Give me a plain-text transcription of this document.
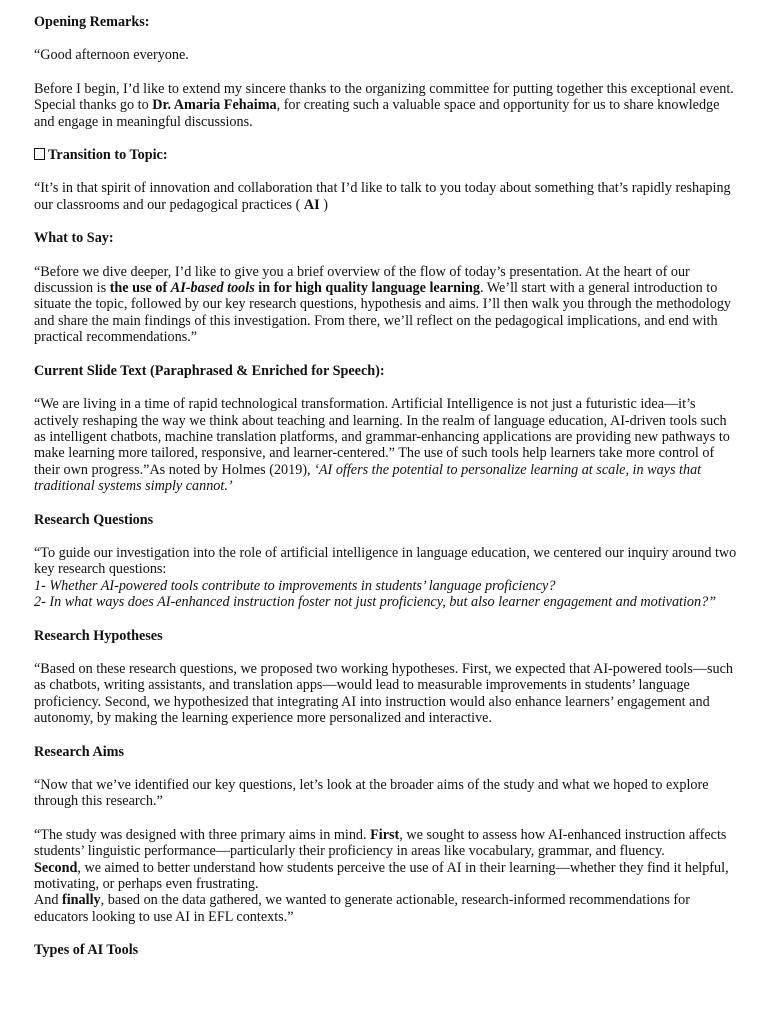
Opening Remarks:

“Good afternoon everyone.

Before I begin, I’d like to extend my sincere thanks to the organizing committee for putting together this exceptional event. Special thanks go to Dr. Amaria Fehaima, for creating such a valuable space and opportunity for us to share knowledge and engage in meaningful discussions.

Transition to Topic:

“It’s in that spirit of innovation and collaboration that I’d like to talk to you today about something that’s rapidly reshaping our classrooms and our pedagogical practices ( AI )

What to Say:

“Before we dive deeper, I’d like to give you a brief overview of the flow of today’s presentation. At the heart of our discussion is the use of AI-based tools in for high quality language learning. We’ll start with a general introduction to situate the topic, followed by our key research questions, hypothesis and aims. I’ll then walk you through the methodology and share the main findings of this investigation. From there, we’ll reflect on the pedagogical implications, and end with practical recommendations.”

Current Slide Text (Paraphrased & Enriched for Speech):

“We are living in a time of rapid technological transformation. Artificial Intelligence is not just a futuristic idea—it’s actively reshaping the way we think about teaching and learning. In the realm of language education, AI-driven tools such as intelligent chatbots, machine translation platforms, and grammar-enhancing applications are providing new pathways to make learning more tailored, responsive, and learner-centered.” The use of such tools help learners take more control of their own progress.”As noted by Holmes (2019), ‘AI offers the potential to personalize learning at scale, in ways that traditional systems simply cannot.’

Research Questions

“To guide our investigation into the role of artificial intelligence in language education, we centered our inquiry around two key research questions:
1- Whether AI-powered tools contribute to improvements in students’ language proficiency?
2- In what ways does AI-enhanced instruction foster not just proficiency, but also learner engagement and motivation?”

Research Hypotheses

“Based on these research questions, we proposed two working hypotheses. First, we expected that AI-powered tools—such as chatbots, writing assistants, and translation apps—would lead to measurable improvements in students’ language proficiency. Second, we hypothesized that integrating AI into instruction would also enhance learners’ engagement and autonomy, by making the learning experience more personalized and interactive.

Research Aims

“Now that we’ve identified our key questions, let’s look at the broader aims of the study and what we hoped to explore through this research.”

“The study was designed with three primary aims in mind. First, we sought to assess how AI-enhanced instruction affects students’ linguistic performance—particularly their proficiency in areas like vocabulary, grammar, and fluency.
Second, we aimed to better understand how students perceive the use of AI in their learning—whether they find it helpful, motivating, or perhaps even frustrating.
And finally, based on the data gathered, we wanted to generate actionable, research-informed recommendations for educators looking to use AI in EFL contexts.”

Types of AI Tools
